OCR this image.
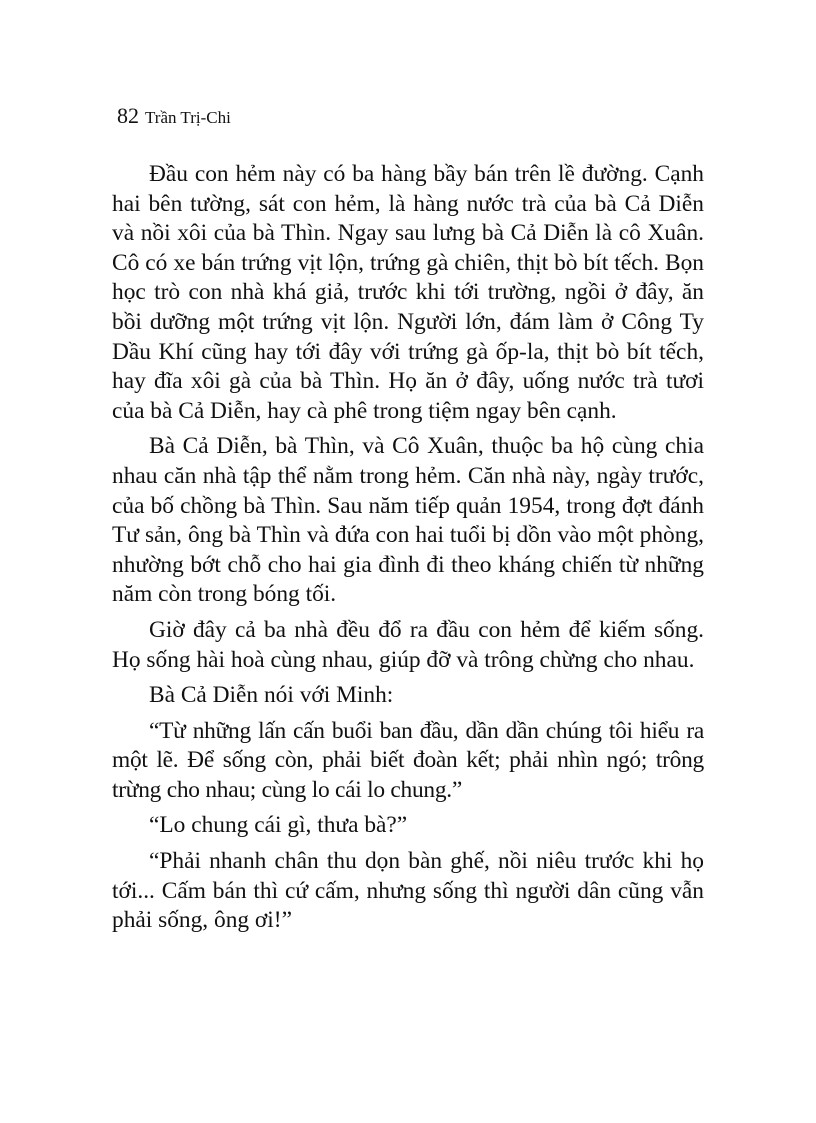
82 Trần Trị-Chi

Đầu con hẻm này có ba hàng bầy bán trên lề đường. Cạnh hai bên tường, sát con hẻm, là hàng nước trà của bà Cả Diễn và nồi xôi của bà Thìn. Ngay sau lưng bà Cả Diễn là cô Xuân. Cô có xe bán trứng vịt lộn, trứng gà chiên, thịt bò bít tếch. Bọn học trò con nhà khá giả, trước khi tới trường, ngồi ở đây, ăn bồi dưỡng một trứng vịt lộn. Người lớn, đám làm ở Công Ty Dầu Khí cũng hay tới đây với trứng gà ốp-la, thịt bò bít tếch, hay đĩa xôi gà của bà Thìn. Họ ăn ở đây, uống nước trà tươi của bà Cả Diễn, hay cà phê trong tiệm ngay bên cạnh.

Bà Cả Diễn, bà Thìn, và Cô Xuân, thuộc ba hộ cùng chia nhau căn nhà tập thể nằm trong hẻm. Căn nhà này, ngày trước, của bố chồng bà Thìn. Sau năm tiếp quản 1954, trong đợt đánh Tư sản, ông bà Thìn và đứa con hai tuổi bị dồn vào một phòng, nhường bớt chỗ cho hai gia đình đi theo kháng chiến từ những năm còn trong bóng tối.

Giờ đây cả ba nhà đều đổ ra đầu con hẻm để kiếm sống. Họ sống hài hoà cùng nhau, giúp đỡ và trông chừng cho nhau.

Bà Cả Diễn nói với Minh:

“Từ những lấn cấn buổi ban đầu, dần dần chúng tôi hiểu ra một lẽ. Để sống còn, phải biết đoàn kết; phải nhìn ngó; trông trừng cho nhau; cùng lo cái lo chung.”

“Lo chung cái gì, thưa bà?”

“Phải nhanh chân thu dọn bàn ghế, nồi niêu trước khi họ tới... Cấm bán thì cứ cấm, nhưng sống thì người dân cũng vẫn phải sống, ông ơi!”
